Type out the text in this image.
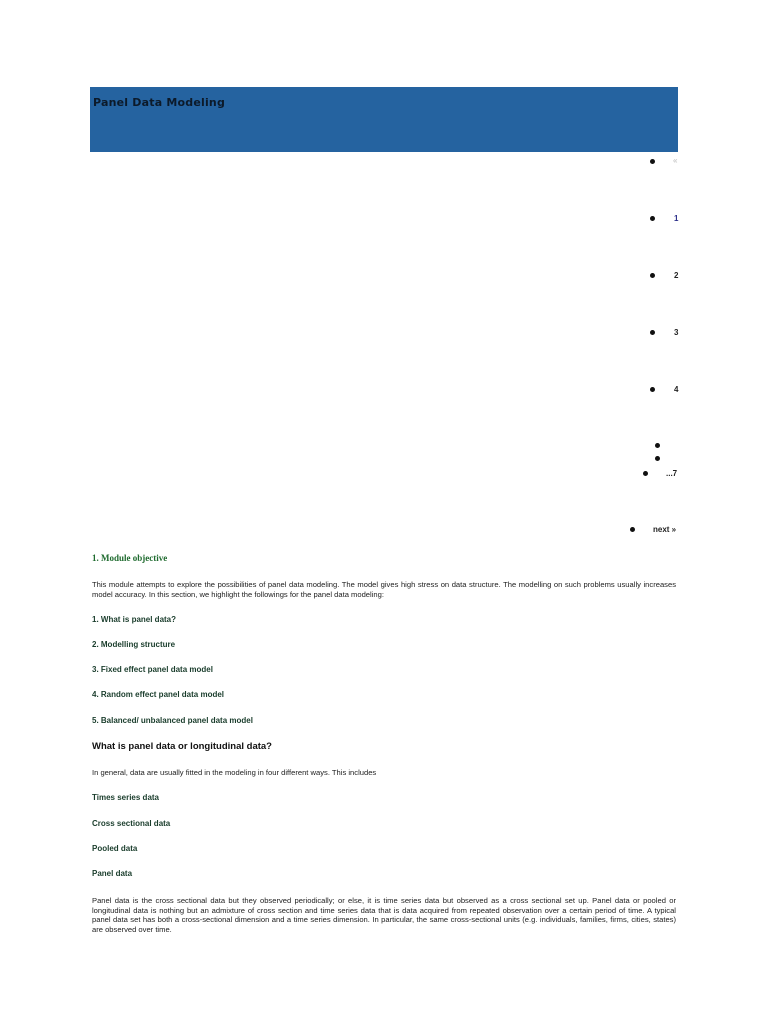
Panel Data Modeling
«
1
2
3
4
...7
next »
1. Module objective
This module attempts to explore the possibilities of panel data modeling. The model gives high stress on data structure. The modelling on such problems usually increases model accuracy. In this section, we highlight the followings for the panel data modeling:
1. What is panel data?
2. Modelling structure
3. Fixed effect panel data model
4. Random effect panel data model
5. Balanced/ unbalanced panel data model
What is panel data or longitudinal data?
In general, data are usually fitted in the modeling in four different ways. This includes
Times series data
Cross sectional data
Pooled data
Panel data
Panel data is the cross sectional data but they observed periodically; or else, it is time series data but observed as a cross sectional set up. Panel data or pooled or longitudinal data is nothing but an admixture of cross section and time series data that is data acquired from repeated observation over a certain period of time. A typical panel data set has both a cross-sectional dimension and a time series dimension. In particular, the same cross-sectional units (e.g. individuals, families, firms, cities, states) are observed over time.
